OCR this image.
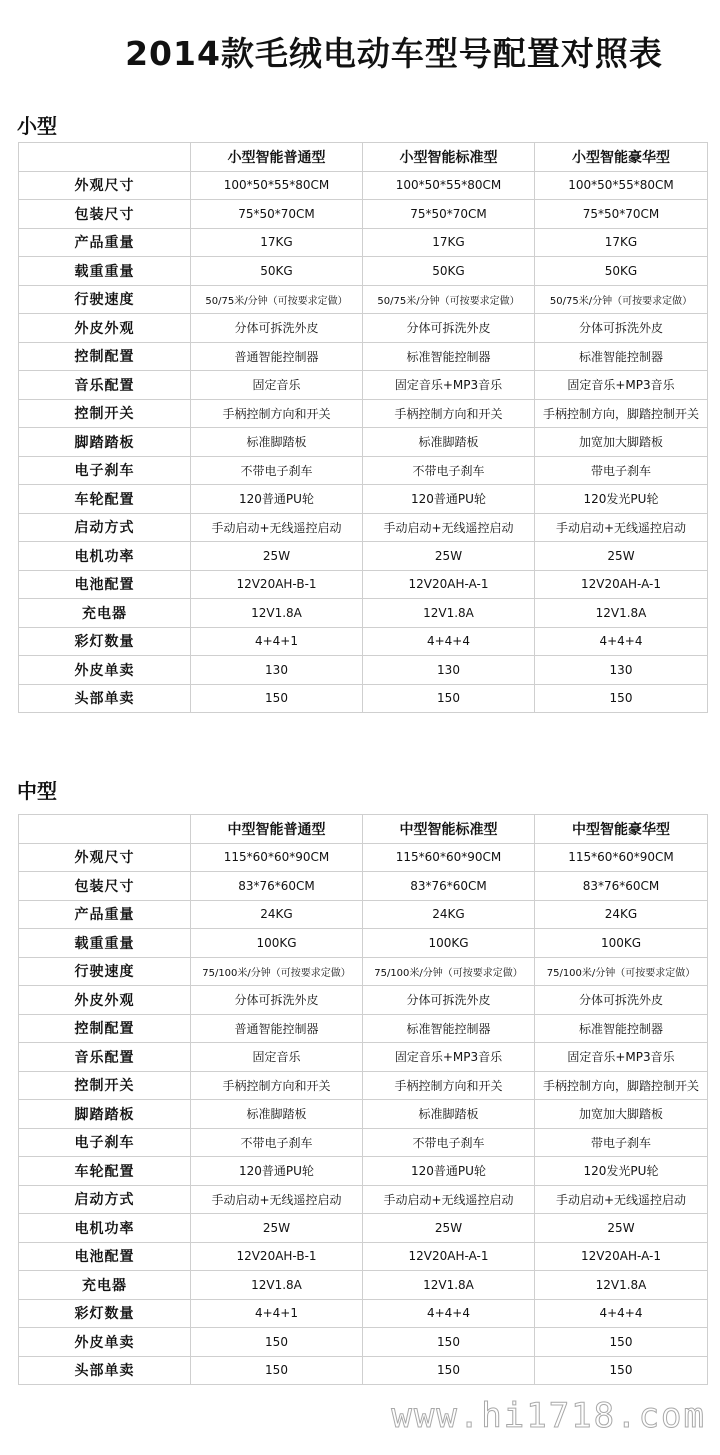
2014款毛绒电动车型号配置对照表
小型
	小型智能普通型	小型智能标准型	小型智能豪华型
外观尺寸	100*50*55*80CM	100*50*55*80CM	100*50*55*80CM
包装尺寸	75*50*70CM	75*50*70CM	75*50*70CM
产品重量	17KG	17KG	17KG
载重重量	50KG	50KG	50KG
行驶速度	50/75米/分钟（可按要求定做）	50/75米/分钟（可按要求定做）	50/75米/分钟（可按要求定做）
外皮外观	分体可拆洗外皮	分体可拆洗外皮	分体可拆洗外皮
控制配置	普通智能控制器	标准智能控制器	标准智能控制器
音乐配置	固定音乐	固定音乐+MP3音乐	固定音乐+MP3音乐
控制开关	手柄控制方向和开关	手柄控制方向和开关	手柄控制方向，脚踏控制开关
脚踏踏板	标准脚踏板	标准脚踏板	加宽加大脚踏板
电子刹车	不带电子刹车	不带电子刹车	带电子刹车
车轮配置	120普通PU轮	120普通PU轮	120发光PU轮
启动方式	手动启动+无线遥控启动	手动启动+无线遥控启动	手动启动+无线遥控启动
电机功率	25W	25W	25W
电池配置	12V20AH-B-1	12V20AH-A-1	12V20AH-A-1
充电器	12V1.8A	12V1.8A	12V1.8A
彩灯数量	4+4+1	4+4+4	4+4+4
外皮单卖	130	130	130
头部单卖	150	150	150
中型
	中型智能普通型	中型智能标准型	中型智能豪华型
外观尺寸	115*60*60*90CM	115*60*60*90CM	115*60*60*90CM
包装尺寸	83*76*60CM	83*76*60CM	83*76*60CM
产品重量	24KG	24KG	24KG
载重重量	100KG	100KG	100KG
行驶速度	75/100米/分钟（可按要求定做）	75/100米/分钟（可按要求定做）	75/100米/分钟（可按要求定做）
外皮外观	分体可拆洗外皮	分体可拆洗外皮	分体可拆洗外皮
控制配置	普通智能控制器	标准智能控制器	标准智能控制器
音乐配置	固定音乐	固定音乐+MP3音乐	固定音乐+MP3音乐
控制开关	手柄控制方向和开关	手柄控制方向和开关	手柄控制方向，脚踏控制开关
脚踏踏板	标准脚踏板	标准脚踏板	加宽加大脚踏板
电子刹车	不带电子刹车	不带电子刹车	带电子刹车
车轮配置	120普通PU轮	120普通PU轮	120发光PU轮
启动方式	手动启动+无线遥控启动	手动启动+无线遥控启动	手动启动+无线遥控启动
电机功率	25W	25W	25W
电池配置	12V20AH-B-1	12V20AH-A-1	12V20AH-A-1
充电器	12V1.8A	12V1.8A	12V1.8A
彩灯数量	4+4+1	4+4+4	4+4+4
外皮单卖	150	150	150
头部单卖	150	150	150
www.hi1718.com
